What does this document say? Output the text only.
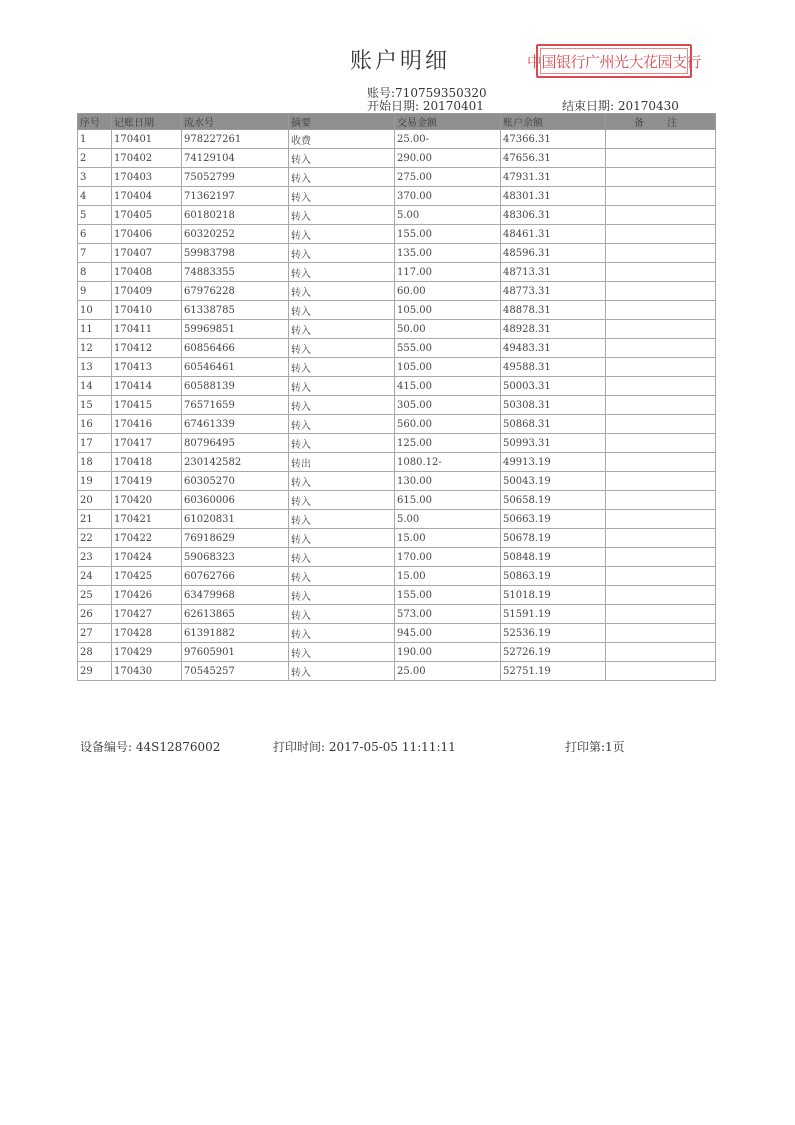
账户明细	中国银行广州光大花园支行
账号:710759350320
开始日期: 20170401	结束日期: 20170430
序号	记账日期	流水号	摘要	交易金额	账户余额	备 注
1	170401	978227261	收费	25.00-	47366.31	
2	170402	74129104	转入	290.00	47656.31	
3	170403	75052799	转入	275.00	47931.31	
4	170404	71362197	转入	370.00	48301.31	
5	170405	60180218	转入	5.00	48306.31	
6	170406	60320252	转入	155.00	48461.31	
7	170407	59983798	转入	135.00	48596.31	
8	170408	74883355	转入	117.00	48713.31	
9	170409	67976228	转入	60.00	48773.31	
10	170410	61338785	转入	105.00	48878.31	
11	170411	59969851	转入	50.00	48928.31	
12	170412	60856466	转入	555.00	49483.31	
13	170413	60546461	转入	105.00	49588.31	
14	170414	60588139	转入	415.00	50003.31	
15	170415	76571659	转入	305.00	50308.31	
16	170416	67461339	转入	560.00	50868.31	
17	170417	80796495	转入	125.00	50993.31	
18	170418	230142582	转出	1080.12-	49913.19	
19	170419	60305270	转入	130.00	50043.19	
20	170420	60360006	转入	615.00	50658.19	
21	170421	61020831	转入	5.00	50663.19	
22	170422	76918629	转入	15.00	50678.19	
23	170424	59068323	转入	170.00	50848.19	
24	170425	60762766	转入	15.00	50863.19	
25	170426	63479968	转入	155.00	51018.19	
26	170427	62613865	转入	573.00	51591.19	
27	170428	61391882	转入	945.00	52536.19	
28	170429	97605901	转入	190.00	52726.19	
29	170430	70545257	转入	25.00	52751.19	
设备编号: 44S12876002	打印时间: 2017-05-05 11:11:11	打印第:1页
